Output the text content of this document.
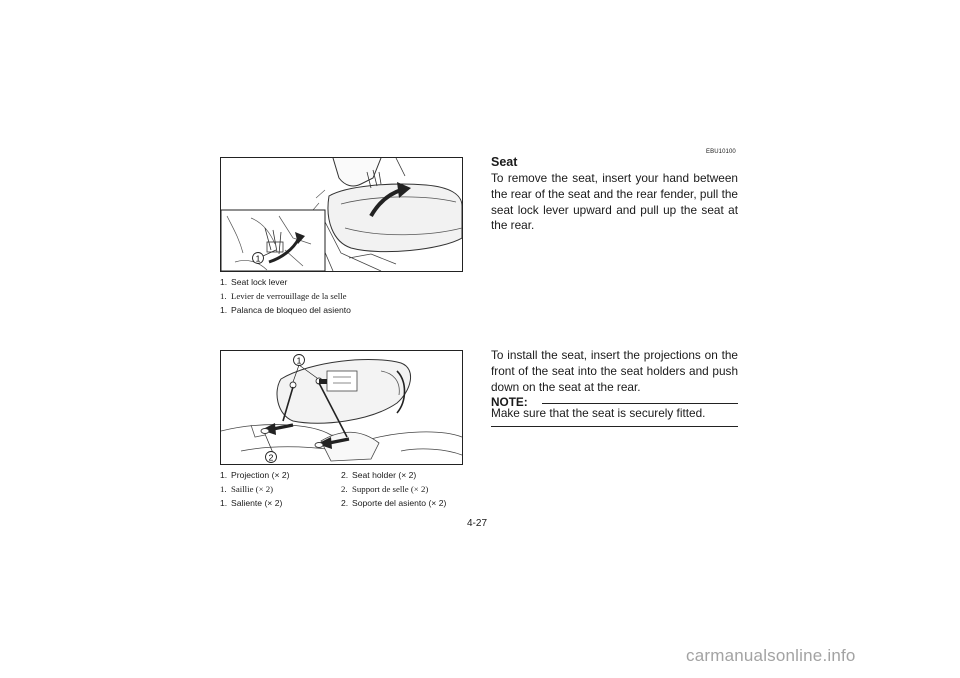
1
1. Seat lock lever
1. Levier de verrouillage de la selle
1. Palanca de bloqueo del asiento
1
2
1. Projection (× 2)	2. Seat holder (× 2)
1. Saillie (× 2)	2. Support de selle (× 2)
1. Saliente (× 2)	2. Soporte del asiento (× 2)
EBU10100
Seat

To remove the seat, insert your hand between the rear of the seat and the rear fender, pull the seat lock lever upward and pull up the seat at the rear.

To install the seat, insert the projections on the front of the seat into the seat holders and push down on the seat at the rear.

NOTE:
Make sure that the seat is securely fitted.
4-27
carmanualsonline.info
